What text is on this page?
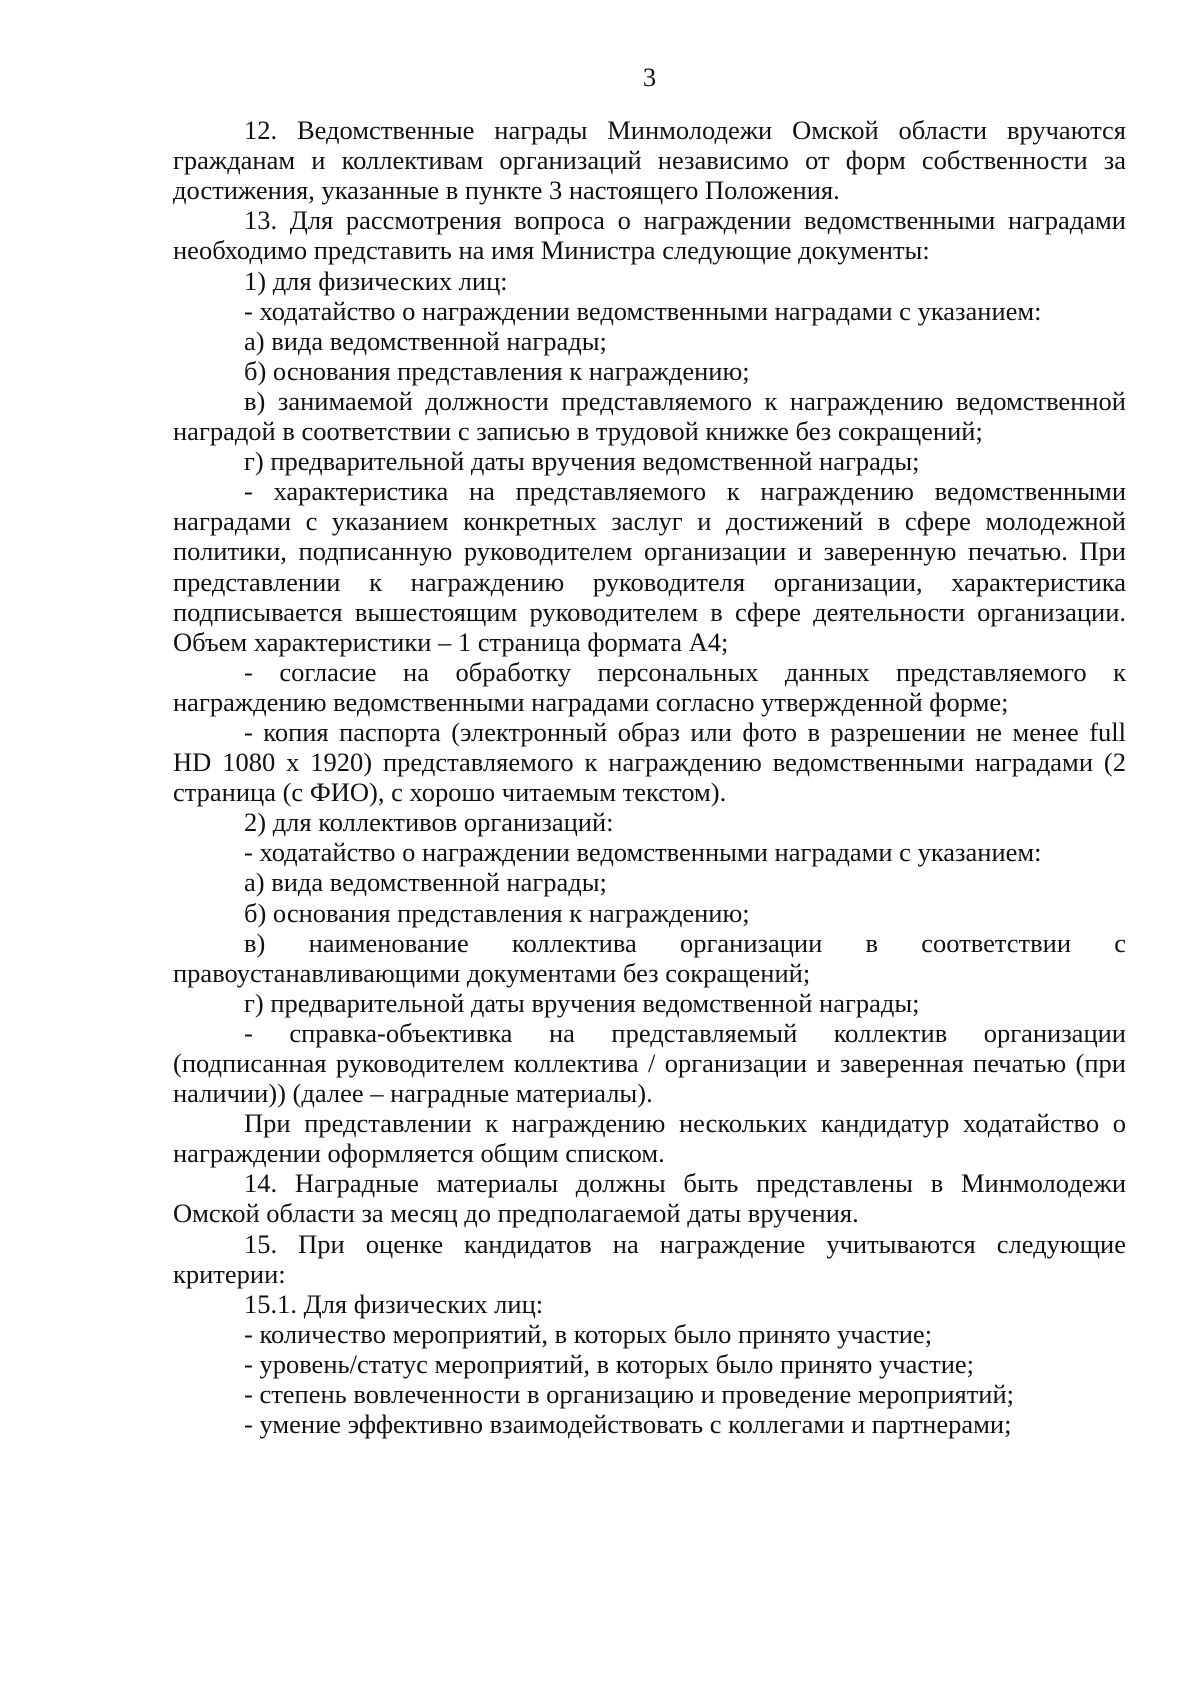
3

12. Ведомственные награды Минмолодежи Омской области вручаются гражданам и коллективам организаций независимо от форм собственности за достижения, указанные в пункте 3 настоящего Положения.

13. Для рассмотрения вопроса о награждении ведомственными наградами необходимо представить на имя Министра следующие документы:

1) для физических лиц:

- ходатайство о награждении ведомственными наградами с указанием:

а) вида ведомственной награды;

б) основания представления к награждению;

в) занимаемой должности представляемого к награждению ведомственной наградой в соответствии с записью в трудовой книжке без сокращений;

г) предварительной даты вручения ведомственной награды;

- характеристика на представляемого к награждению ведомственными наградами с указанием конкретных заслуг и достижений в сфере молодежной политики, подписанную руководителем организации и заверенную печатью. При представлении к награждению руководителя организации, характеристика подписывается вышестоящим руководителем в сфере деятельности организации. Объем характеристики – 1 страница формата А4;

- согласие на обработку персональных данных представляемого к награждению ведомственными наградами согласно утвержденной форме;

- копия паспорта (электронный образ или фото в разрешении не менее full HD 1080 x 1920) представляемого к награждению ведомственными наградами (2 страница (с ФИО), с хорошо читаемым текстом).

2) для коллективов организаций:

- ходатайство о награждении ведомственными наградами с указанием:

а) вида ведомственной награды;

б) основания представления к награждению;

в) наименование коллектива организации в соответствии с правоустанавливающими документами без сокращений;

г) предварительной даты вручения ведомственной награды;

- справка-объективка на представляемый коллектив организации (подписанная руководителем коллектива / организации и заверенная печатью (при наличии)) (далее – наградные материалы).

При представлении к награждению нескольких кандидатур ходатайство о награждении оформляется общим списком.

14. Наградные материалы должны быть представлены в Минмолодежи Омской области за месяц до предполагаемой даты вручения.

15. При оценке кандидатов на награждение учитываются следующие критерии:

15.1. Для физических лиц:

- количество мероприятий, в которых было принято участие;

- уровень/статус мероприятий, в которых было принято участие;

- степень вовлеченности в организацию и проведение мероприятий;

- умение эффективно взаимодействовать с коллегами и партнерами;
